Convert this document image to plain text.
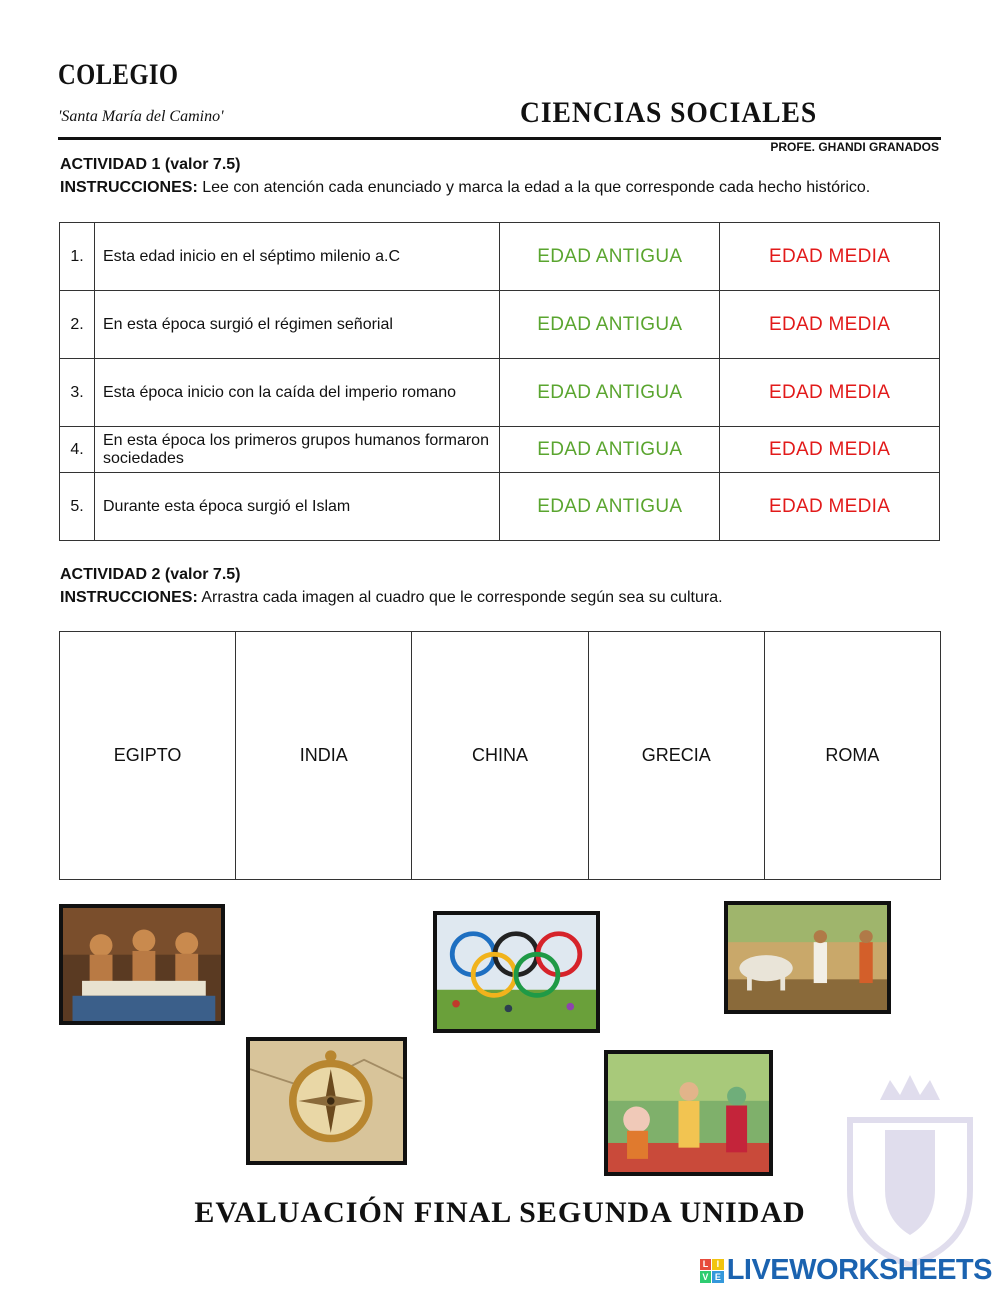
COLEGIO
'Santa María del Camino'	CIENCIAS SOCIALES
PROFE. GHANDI GRANADOS
ACTIVIDAD 1 (valor 7.5)
INSTRUCCIONES: Lee con atención cada enunciado y marca la edad a la que corresponde cada hecho histórico.
1.	Esta edad inicio en el séptimo milenio a.C	EDAD ANTIGUA	EDAD MEDIA
2.	En esta época surgió el régimen señorial	EDAD ANTIGUA	EDAD MEDIA
3.	Esta época inicio con la caída del imperio romano	EDAD ANTIGUA	EDAD MEDIA
4.	En esta época los primeros grupos humanos formaron sociedades	EDAD ANTIGUA	EDAD MEDIA
5.	Durante esta época surgió el Islam	EDAD ANTIGUA	EDAD MEDIA
ACTIVIDAD 2 (valor 7.5)
INSTRUCCIONES: Arrastra cada imagen al cuadro que le corresponde según sea su cultura.
EGIPTO	INDIA	CHINA	GRECIA	ROMA
EVALUACIÓN FINAL SEGUNDA UNIDAD
L I
V E LIVEWORKSHEETS
